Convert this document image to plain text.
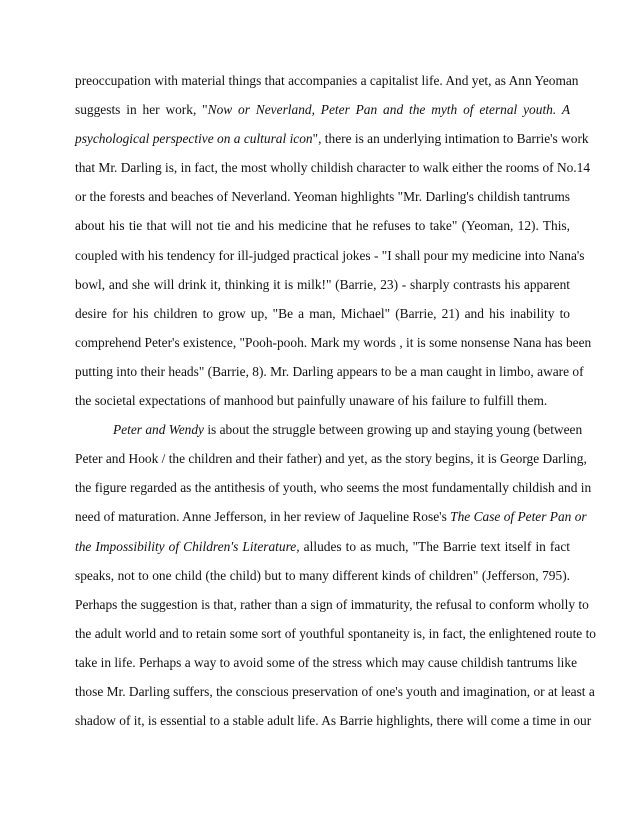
preoccupation with material things that accompanies a capitalist life. And yet, as Ann Yeoman
suggests in her work, "Now or Neverland, Peter Pan and the myth of eternal youth. A
psychological perspective on a cultural icon", there is an underlying intimation to Barrie's work
that Mr. Darling is, in fact, the most wholly childish character to walk either the rooms of No.14
or the forests and beaches of Neverland. Yeoman highlights "Mr. Darling's childish tantrums
about his tie that will not tie and his medicine that he refuses to take" (Yeoman, 12). This,
coupled with his tendency for ill-judged practical jokes - "I shall pour my medicine into Nana's
bowl, and she will drink it, thinking it is milk!" (Barrie, 23) - sharply contrasts his apparent
desire for his children to grow up, "Be a man, Michael" (Barrie, 21) and his inability to
comprehend Peter's existence, "Pooh-pooh. Mark my words , it is some nonsense Nana has been
putting into their heads" (Barrie, 8). Mr. Darling appears to be a man caught in limbo, aware of
the societal expectations of manhood but painfully unaware of his failure to fulfill them.
Peter and Wendy is about the struggle between growing up and staying young (between
Peter and Hook / the children and their father) and yet, as the story begins, it is George Darling,
the figure regarded as the antithesis of youth, who seems the most fundamentally childish and in
need of maturation. Anne Jefferson, in her review of Jaqueline Rose's The Case of Peter Pan or
the Impossibility of Children's Literature, alludes to as much, "The Barrie text itself in fact
speaks, not to one child (the child) but to many different kinds of children" (Jefferson, 795).
Perhaps the suggestion is that, rather than a sign of immaturity, the refusal to conform wholly to
the adult world and to retain some sort of youthful spontaneity is, in fact, the enlightened route to
take in life. Perhaps a way to avoid some of the stress which may cause childish tantrums like
those Mr. Darling suffers, the conscious preservation of one's youth and imagination, or at least a
shadow of it, is essential to a stable adult life. As Barrie highlights, there will come a time in our
